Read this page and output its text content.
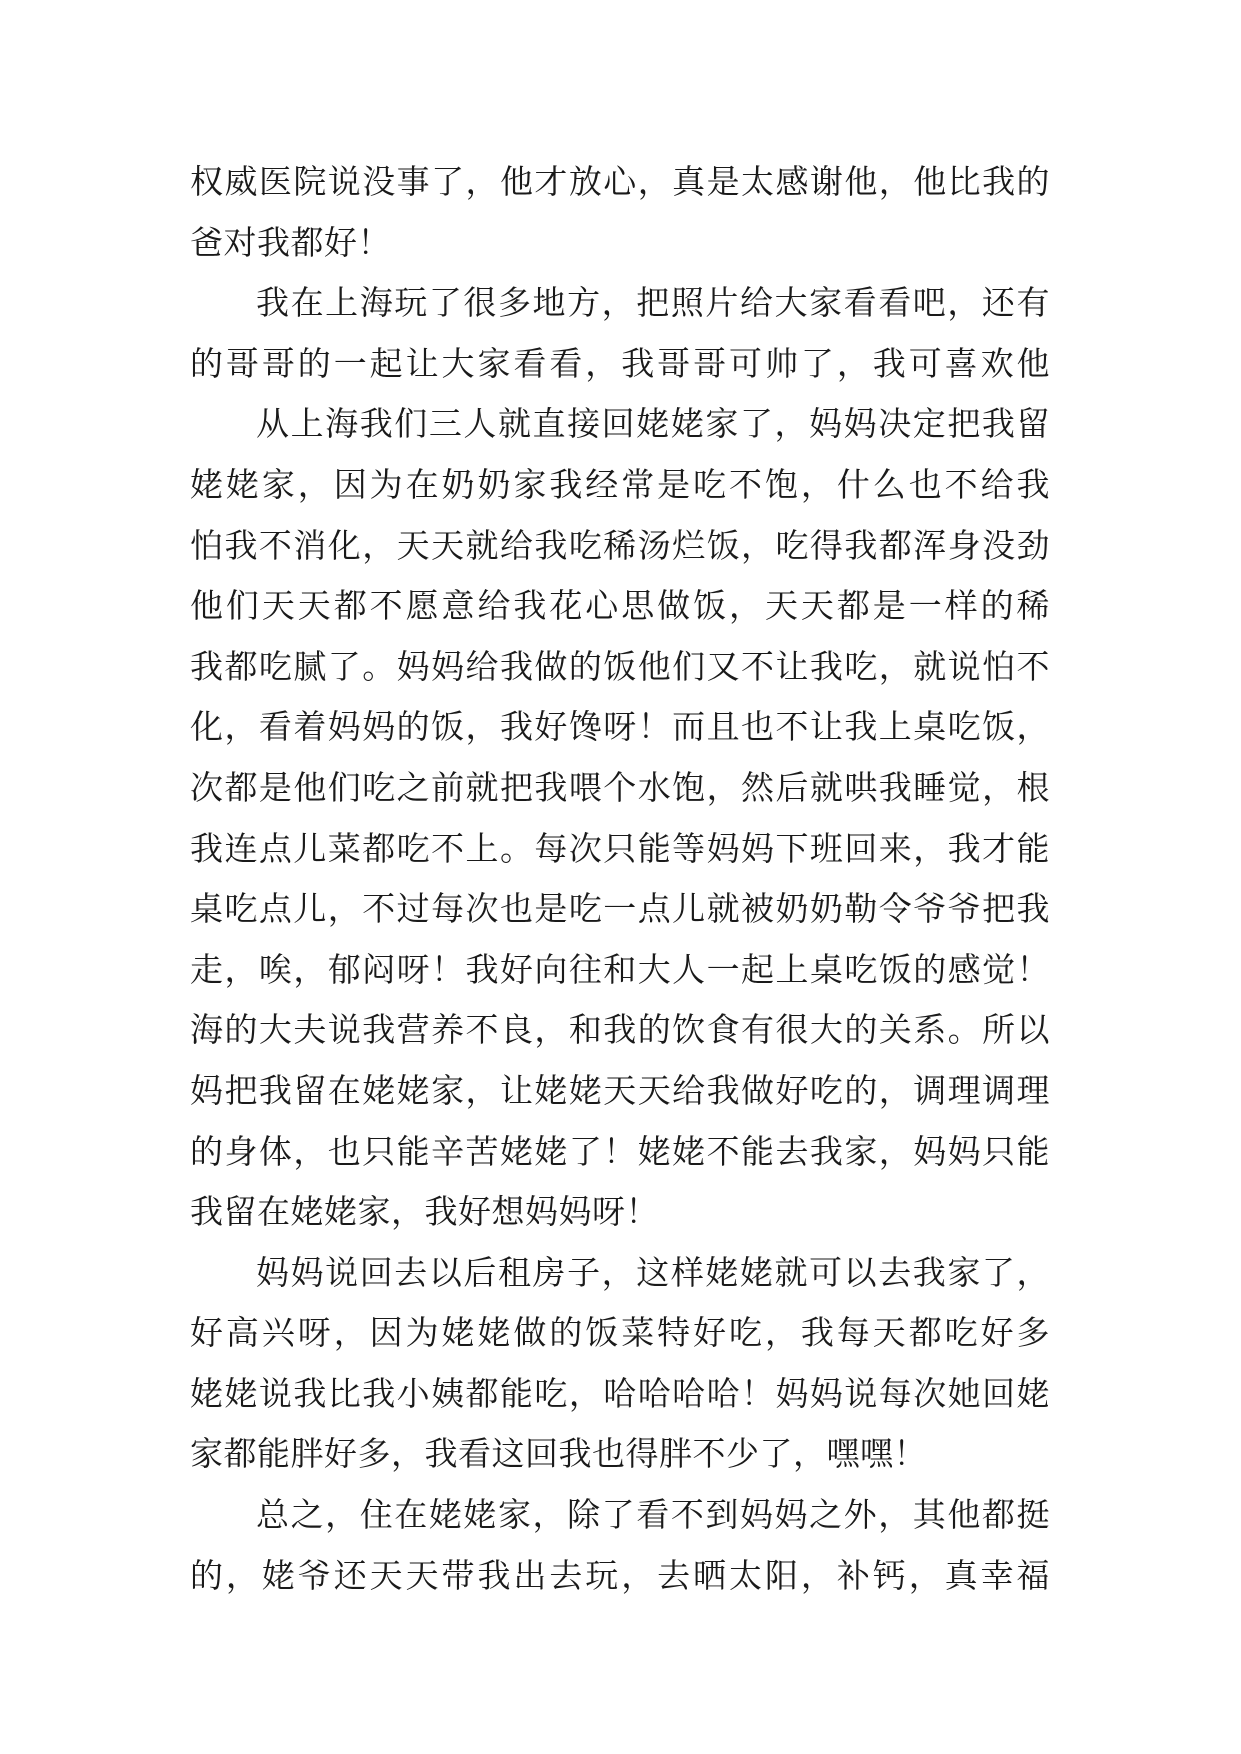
权威医院说没事了，他才放心，真是太感谢他，他比我的
爸对我都好！
我在上海玩了很多地方，把照片给大家看看吧，还有
的哥哥的一起让大家看看，我哥哥可帅了，我可喜欢他
从上海我们三人就直接回姥姥家了，妈妈决定把我留
姥姥家，因为在奶奶家我经常是吃不饱，什么也不给我
怕我不消化，天天就给我吃稀汤烂饭，吃得我都浑身没劲
他们天天都不愿意给我花心思做饭，天天都是一样的稀
我都吃腻了。妈妈给我做的饭他们又不让我吃，就说怕不
化，看着妈妈的饭，我好馋呀！而且也不让我上桌吃饭，
次都是他们吃之前就把我喂个水饱，然后就哄我睡觉，根
我连点儿菜都吃不上。每次只能等妈妈下班回来，我才能
桌吃点儿，不过每次也是吃一点儿就被奶奶勒令爷爷把我
走，唉，郁闷呀！我好向往和大人一起上桌吃饭的感觉！
海的大夫说我营养不良，和我的饮食有很大的关系。所以
妈把我留在姥姥家，让姥姥天天给我做好吃的，调理调理
的身体，也只能辛苦姥姥了！姥姥不能去我家，妈妈只能
我留在姥姥家，我好想妈妈呀！
妈妈说回去以后租房子，这样姥姥就可以去我家了，
好高兴呀，因为姥姥做的饭菜特好吃，我每天都吃好多
姥姥说我比我小姨都能吃，哈哈哈哈！妈妈说每次她回姥
家都能胖好多，我看这回我也得胖不少了，嘿嘿！
总之，住在姥姥家，除了看不到妈妈之外，其他都挺
的，姥爷还天天带我出去玩，去晒太阳，补钙，真幸福
